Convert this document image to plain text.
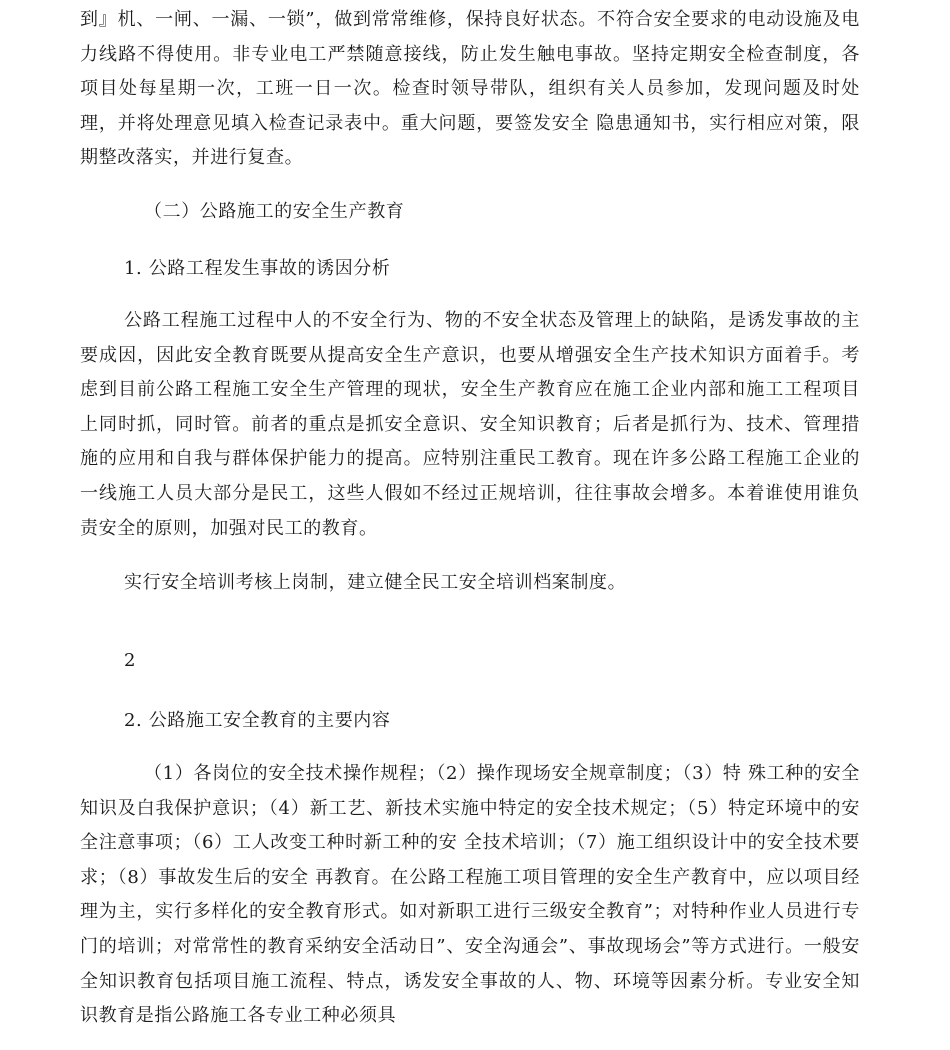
到』机、一闸、一漏、一锁”，做到常常维修，保持良好状态。不符合安全要求的电动设施及电力线路不得使用。非专业电工严禁随意接线，防止发生触电事故。坚持定期安全检查制度，各项目处每星期一次，工班一日一次。检查时领导带队，组织有关人员参加，发现问题及时处理，并将处理意见填入检查记录表中。重大问题，要签发安全 隐患通知书，实行相应对策，限期整改落实，并进行复查。

（二）公路施工的安全生产教育

1. 公路工程发生事故的诱因分析

公路工程施工过程中人的不安全行为、物的不安全状态及管理上的缺陷，是诱发事故的主要成因，因此安全教育既要从提高安全生产意识，也要从增强安全生产技术知识方面着手。考虑到目前公路工程施工安全生产管理的现状，安全生产教育应在施工企业内部和施工工程项目上同时抓，同时管。前者的重点是抓安全意识、安全知识教育；后者是抓行为、技术、管理措施的应用和自我与群体保护能力的提高。应特别注重民工教育。现在许多公路工程施工企业的一线施工人员大部分是民工，这些人假如不经过正规培训，往往事故会增多。本着谁使用谁负责安全的原则，加强对民工的教育。

实行安全培训考核上岗制，建立健全民工安全培训档案制度。

2

2. 公路施工安全教育的主要内容

（1）各岗位的安全技术操作规程；（2）操作现场安全规章制度；（3）特 殊工种的安全知识及白我保护意识；（4）新工艺、新技术实施中特定的安全技术规定；（5）特定环境中的安全注意事项；（6）工人改变工种时新工种的安 全技术培训；（7）施工组织设计中的安全技术要求；（8）事故发生后的安全 再教育。在公路工程施工项目管理的安全生产教育中，应以项目经理为主，实行多样化的安全教育形式。如对新职工进行三级安全教育”；对特种作业人员进行专门的培训；对常常性的教育采纳安全活动日”、安全沟通会”、事故现场会”等方式进行。一般安全知识教育包括项目施工流程、特点，诱发安全事故的人、物、环境等因素分析。专业安全知识教育是指公路施工各专业工种必须具
